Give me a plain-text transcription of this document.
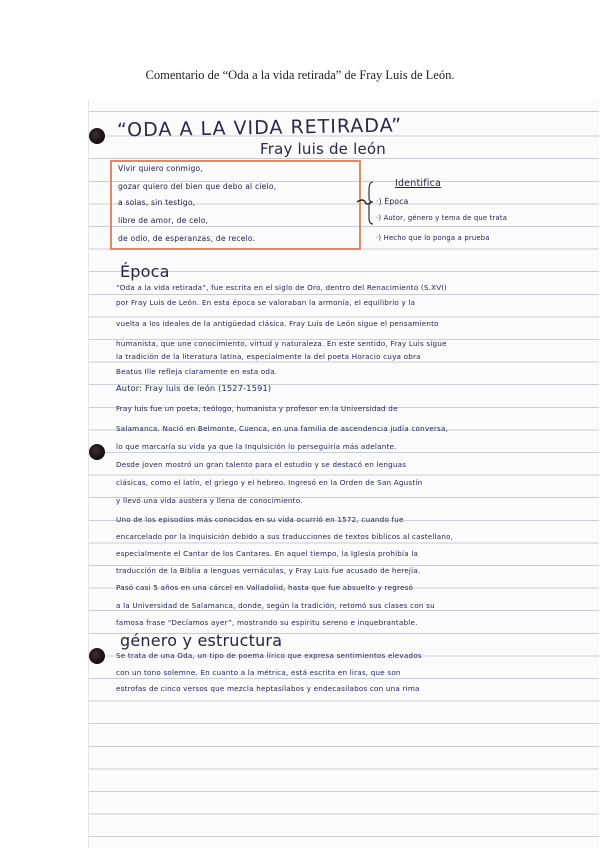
Comentario de “Oda a la vida retirada” de Fray Luis de León.
“ODA A LA VIDA RETIRADA”
Fray luis de león
Vivir quiero conmigo,
gozar quiero del bien que debo al cielo,
a solas, sin testigo,
libre de amor, de celo,
de odio, de esperanzas, de recelo.
Identifica
·) Época
·) Autor, género y tema de que trata
·) Hecho que lo ponga a prueba
Época
“Oda a la vida retirada”, fue escrita en el siglo de Oro, dentro del Renacimiento (S.XVI)
por Fray Luis de León. En esta época se valoraban la armonía, el equilibrio y la
vuelta a los ideales de la antigüedad clásica. Fray Luis de León sigue el pensamiento
humanista, que une conocimiento, virtud y naturaleza. En este sentido, Fray Luis sigue
la tradición de la literatura latina, especialmente la del poeta Horacio cuya obra
Beatus Ille refleja claramente en esta oda.
Autor: Fray luis de león (1527-1591)
Fray luis fue un poeta, teólogo, humanista y profesor en la Universidad de
Salamanca. Nació en Belmonte, Cuenca, en una familia de ascendencia judía conversa,
lo que marcaría su vida ya que la Inquisición lo perseguiría más adelante.
Desde joven mostró un gran talento para el estudio y se destacó en lenguas
clásicas, como el latín, el griego y el hebreo. Ingresó en la Orden de San Agustín
y llevó una vida austera y llena de conocimiento.
Uno de los episodios más conocidos en su vida ocurrió en 1572, cuando fue
encarcelado por la Inquisición debido a sus traducciones de textos bíblicos al castellano,
especialmente el Cantar de los Cantares. En aquel tiempo, la Iglesia prohibía la
traducción de la Biblia a lenguas vernáculas, y Fray Luis fue acusado de herejía.
Pasó casi 5 años en una cárcel en Valladolid, hasta que fue absuelto y regresó
a la Universidad de Salamanca, donde, según la tradición, retomó sus clases con su
famosa frase “Decíamos ayer”, mostrando su espíritu sereno e inquebrantable.
género y estructura
Se trata de una Oda, un tipo de poema lírico que expresa sentimientos elevados
con un tono solemne. En cuanto a la métrica, está escrita en liras, que son
estrofas de cinco versos que mezcla heptasílabos y endecasílabos con una rima
